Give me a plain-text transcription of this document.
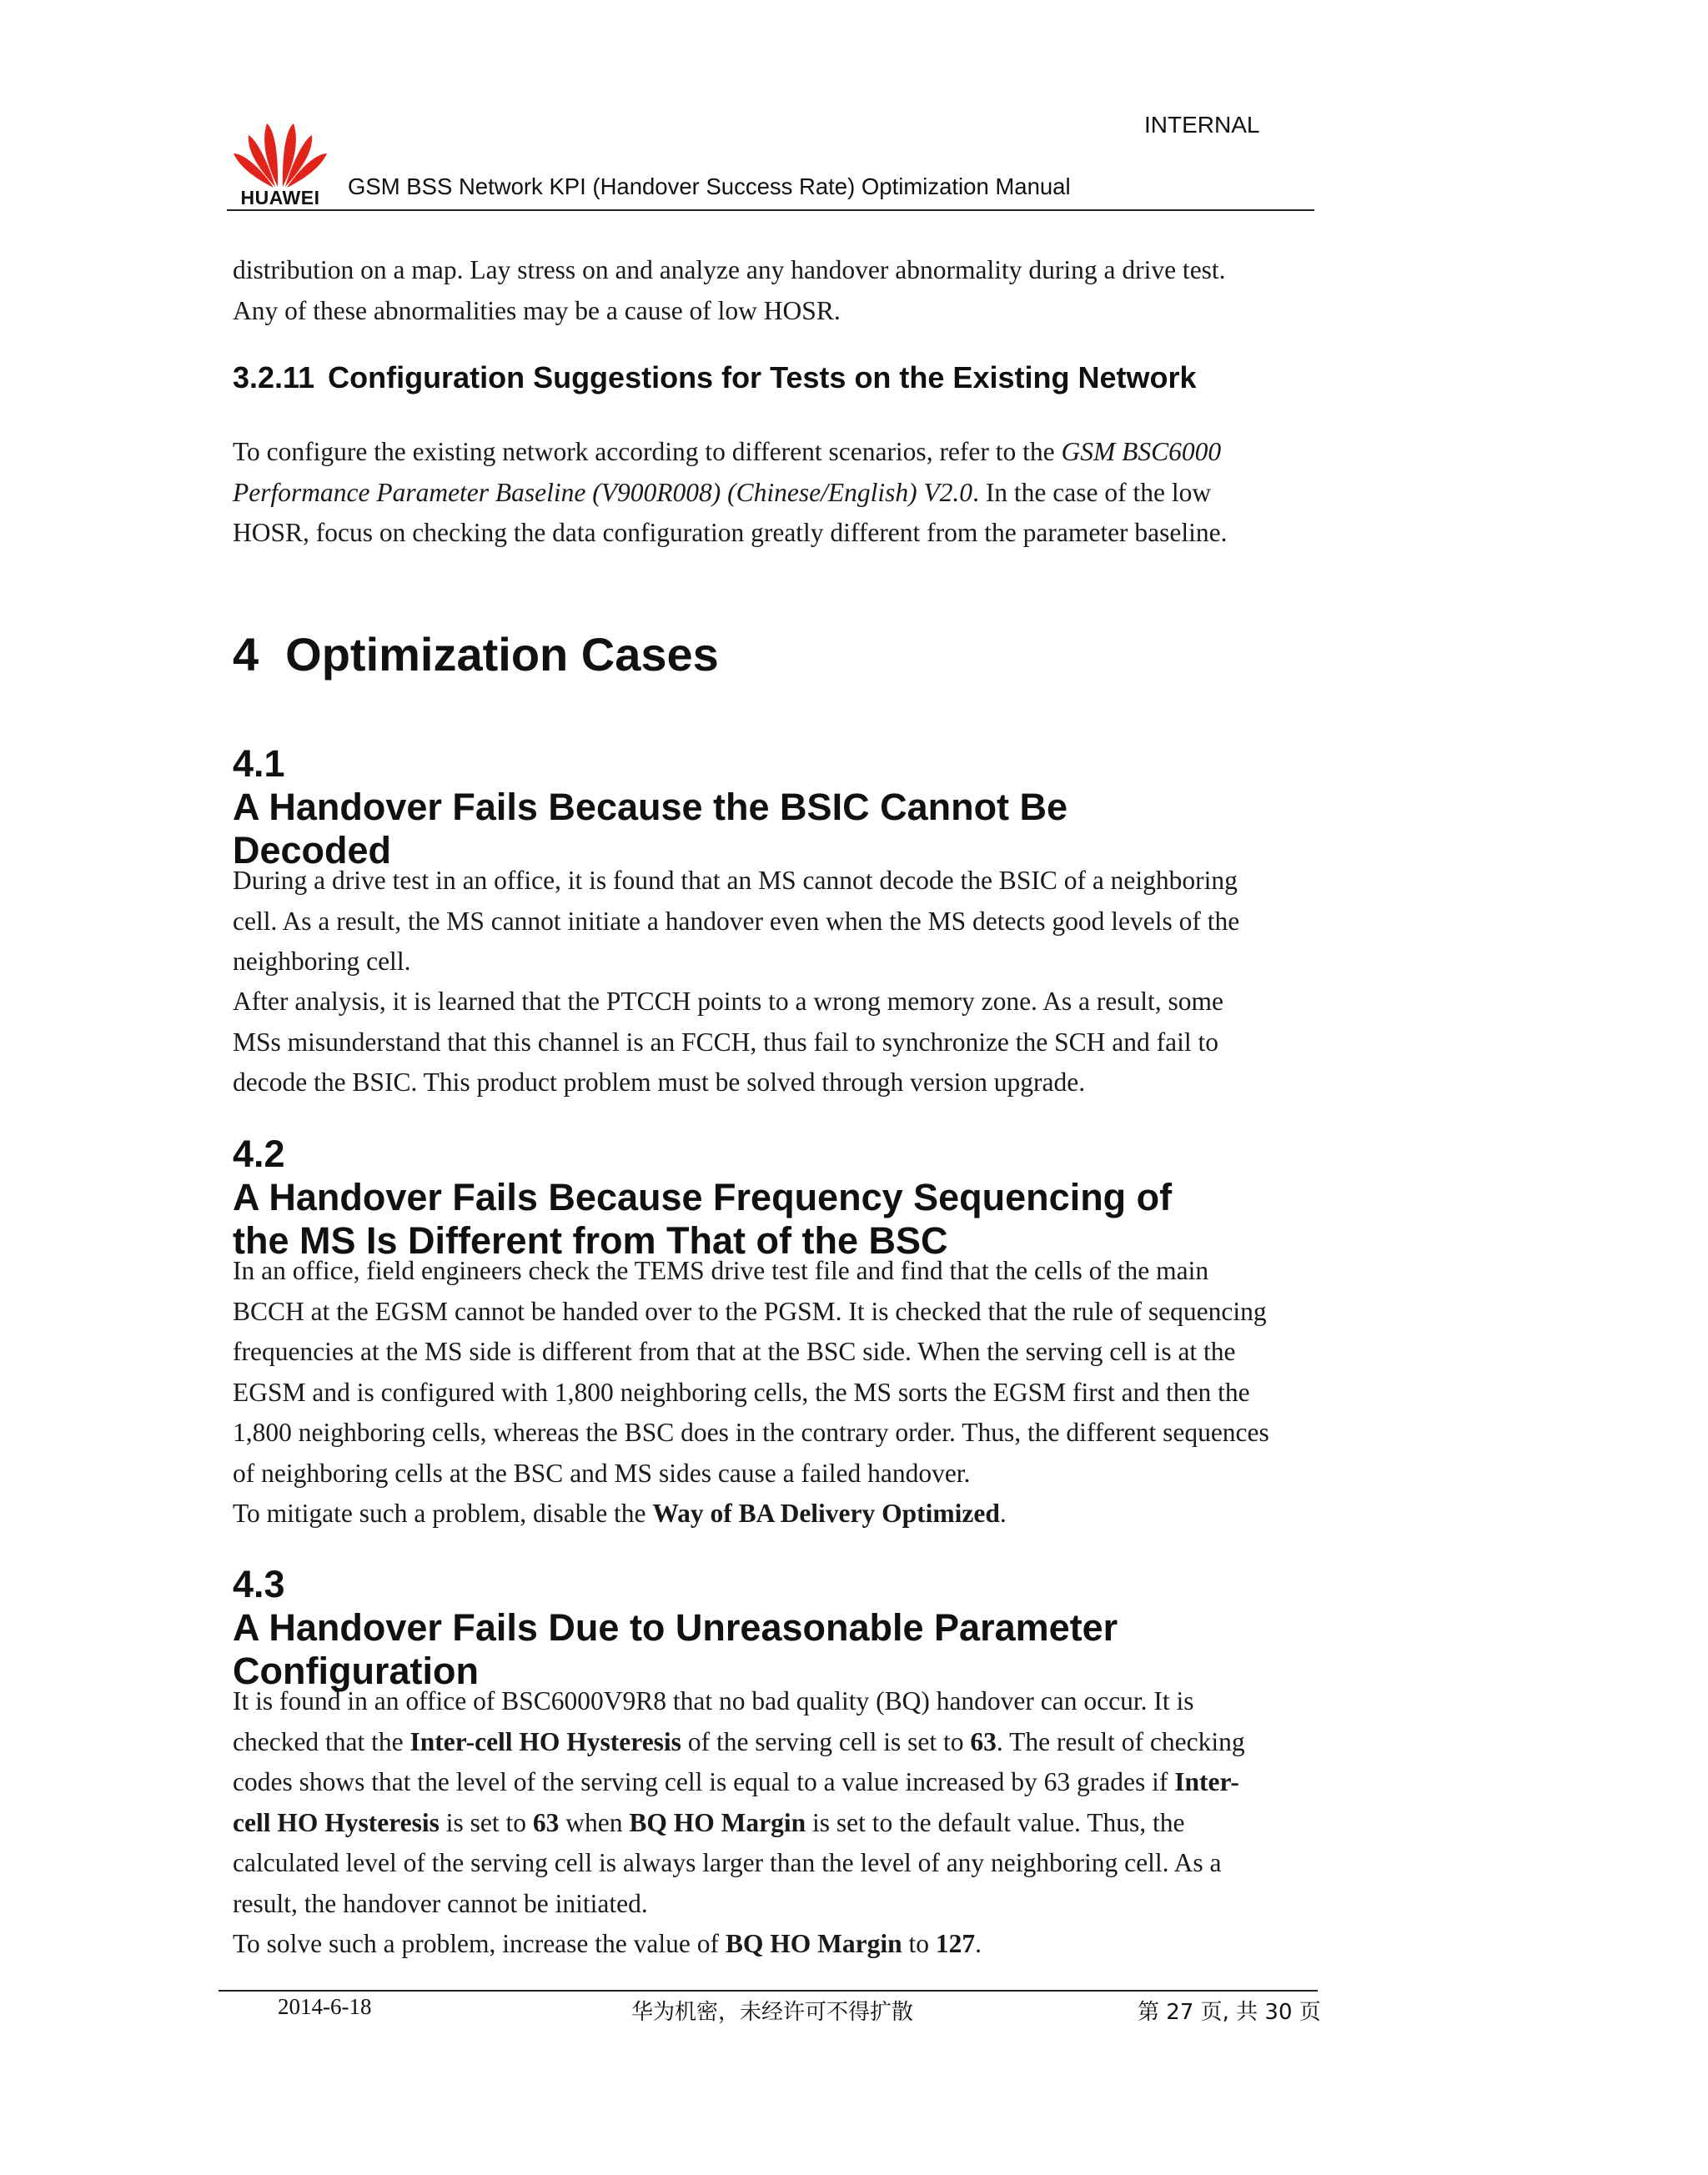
HUAWEI
INTERNAL
GSM BSS Network KPI (Handover Success Rate) Optimization Manual
distribution on a map. Lay stress on and analyze any handover abnormality during a drive test.
Any of these abnormalities may be a cause of low HOSR.
3.2.11 Configuration Suggestions for Tests on the Existing Network
To configure the existing network according to different scenarios, refer to the GSM BSC6000
Performance Parameter Baseline (V900R008) (Chinese/English) V2.0. In the case of the low
HOSR, focus on checking the data configuration greatly different from the parameter baseline.
4 Optimization Cases
4.1
A Handover Fails Because the BSIC Cannot Be
Decoded
During a drive test in an office, it is found that an MS cannot decode the BSIC of a neighboring
cell. As a result, the MS cannot initiate a handover even when the MS detects good levels of the
neighboring cell.
After analysis, it is learned that the PTCCH points to a wrong memory zone. As a result, some
MSs misunderstand that this channel is an FCCH, thus fail to synchronize the SCH and fail to
decode the BSIC. This product problem must be solved through version upgrade.
4.2
A Handover Fails Because Frequency Sequencing of
the MS Is Different from That of the BSC
In an office, field engineers check the TEMS drive test file and find that the cells of the main
BCCH at the EGSM cannot be handed over to the PGSM. It is checked that the rule of sequencing
frequencies at the MS side is different from that at the BSC side. When the serving cell is at the
EGSM and is configured with 1,800 neighboring cells, the MS sorts the EGSM first and then the
1,800 neighboring cells, whereas the BSC does in the contrary order. Thus, the different sequences
of neighboring cells at the BSC and MS sides cause a failed handover.
To mitigate such a problem, disable the Way of BA Delivery Optimized.
4.3
A Handover Fails Due to Unreasonable Parameter
Configuration
It is found in an office of BSC6000V9R8 that no bad quality (BQ) handover can occur. It is
checked that the Inter-cell HO Hysteresis of the serving cell is set to 63. The result of checking
codes shows that the level of the serving cell is equal to a value increased by 63 grades if Inter-
cell HO Hysteresis is set to 63 when BQ HO Margin is set to the default value. Thus, the
calculated level of the serving cell is always larger than the level of any neighboring cell. As a
result, the handover cannot be initiated.
To solve such a problem, increase the value of BQ HO Margin to 127.
2014-6-18	华为机密，未经许可不得扩散	第 27 页, 共 30 页
